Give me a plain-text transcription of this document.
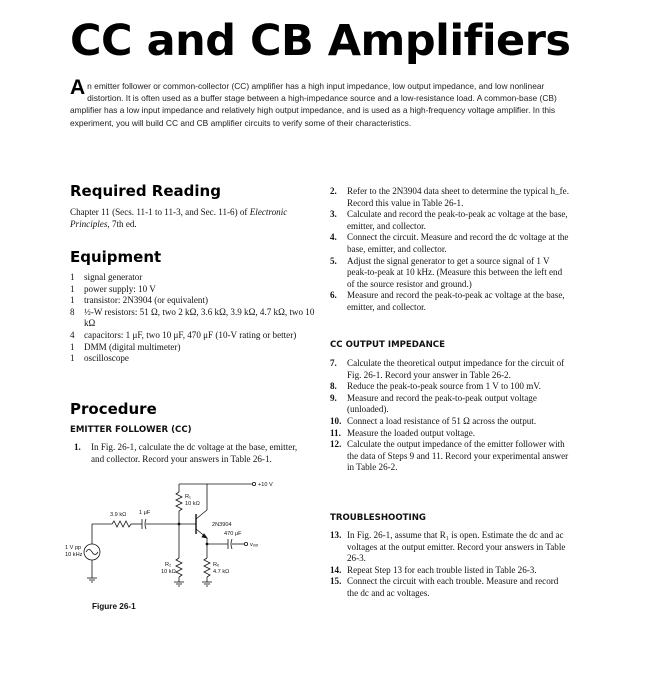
CC and CB Amplifiers

An emitter follower or common-collector (CC) amplifier has a high input impedance, low output impedance, and low nonlinear distortion. It is often used as a buffer stage between a high-impedance source and a low-resistance load. A common-base (CB) amplifier has a low input impedance and relatively high output impedance, and is used as a high-frequency voltage amplifier. In this experiment, you will build CC and CB amplifier circuits to verify some of their characteristics.

Required Reading

Chapter 11 (Secs. 11-1 to 11-3, and Sec. 11-6) of Electronic Principles, 7th ed.

Equipment
1	signal generator
1	power supply: 10 V
1	transistor: 2N3904 (or equivalent)
8	½-W resistors: 51 Ω, two 2 kΩ, 3.6 kΩ, 3.9 kΩ, 4.7 kΩ, two 10 kΩ
4	capacitors: 1 μF, two 10 μF, 470 μF (10-V rating or better)
1	DMM (digital multimeter)
1	oscilloscope
Procedure
EMITTER FOLLOWER (CC)
1.	In Fig. 26-1, calculate the dc voltage at the base, emitter, and collector. Record your answers in Table 26-1.
+10 V
R₁
10 kΩ
3.9 kΩ 1 μF
2N3904
470 μF
vₒᵤₜ
1 V pp
10 kHz
R₂
10 kΩ
Rₑ
4.7 kΩ

Figure 26-1

2.	Refer to the 2N3904 data sheet to determine the typical h_fe. Record this value in Table 26-1.
3.	Calculate and record the peak-to-peak ac voltage at the base, emitter, and collector.
4.	Connect the circuit. Measure and record the dc voltage at the base, emitter, and collector.
5.	Adjust the signal generator to get a source signal of 1 V peak-to-peak at 10 kHz. (Measure this between the left end of the source resistor and ground.)
6.	Measure and record the peak-to-peak ac voltage at the base, emitter, and collector.
CC OUTPUT IMPEDANCE
7.	Calculate the theoretical output impedance for the circuit of Fig. 26-1. Record your answer in Table 26-2.
8.	Reduce the peak-to-peak source from 1 V to 100 mV.
9.	Measure and record the peak-to-peak output voltage (unloaded).
10. Connect a load resistance of 51 Ω across the output.
11. Measure the loaded output voltage.
12. Calculate the output impedance of the emitter follower with the data of Steps 9 and 11. Record your experimental answer in Table 26-2.
TROUBLESHOOTING
13. In Fig. 26-1, assume that R₁ is open. Estimate the dc and ac voltages at the output emitter. Record your answers in Table 26-3.
14. Repeat Step 13 for each trouble listed in Table 26-3.
15. Connect the circuit with each trouble. Measure and record the dc and ac voltages.
